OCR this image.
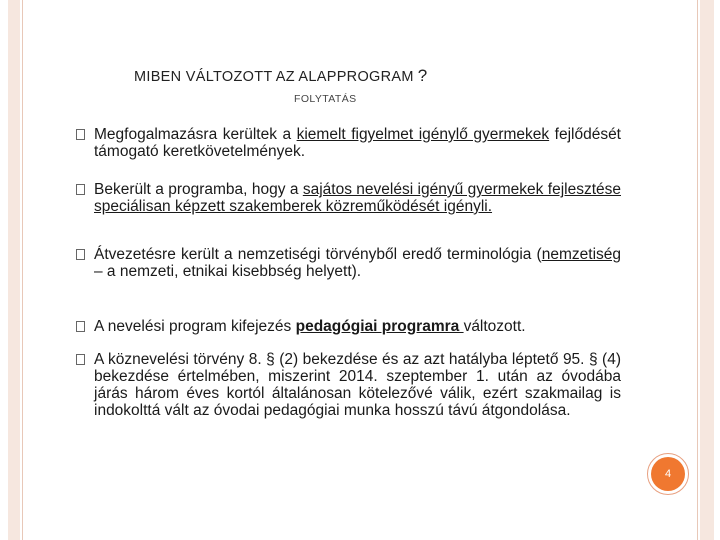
MIBEN VÁLTOZOTT AZ ALAPPROGRAM ?
FOLYTATÁS
Megfogalmazásra kerültek a kiemelt figyelmet igénylő gyermekek fejlődését támogató keretkövetelmények.
Bekerült a programba, hogy a sajátos nevelési igényű gyermekek fejlesztése speciálisan képzett szakemberek közreműködését igényli.
Átvezetésre került a nemzetiségi törvényből eredő terminológia (nemzetiség – a nemzeti, etnikai kisebbség helyett).
A nevelési program kifejezés pedagógiai programra változott.
A köznevelési törvény 8. § (2) bekezdése és az azt hatályba léptető 95. § (4) bekezdése értelmében, miszerint 2014. szeptember 1. után az óvodába járás három éves kortól általánosan kötelezővé válik, ezért szakmailag is indokolttá vált az óvodai pedagógiai munka hosszú távú átgondolása.
4
